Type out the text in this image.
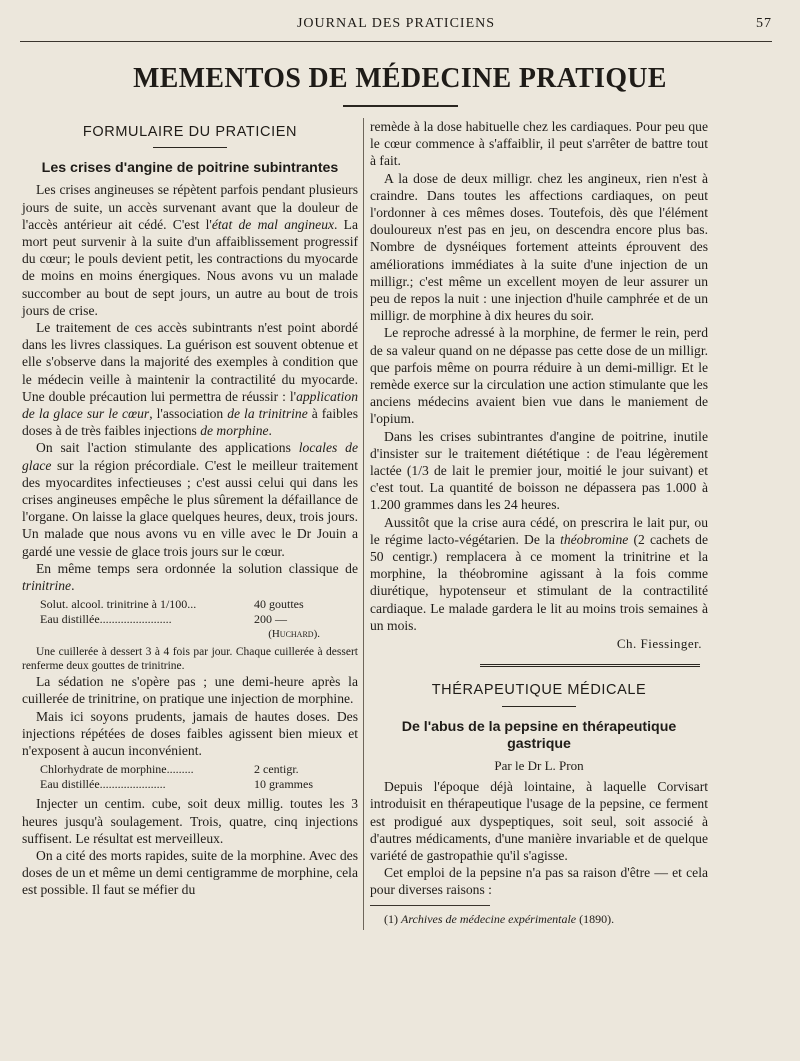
JOURNAL DES PRATICIENS	57
MEMENTOS DE MÉDECINE PRATIQUE
FORMULAIRE DU PRATICIEN
Les crises d'angine de poitrine subintrantes

Les crises angineuses se répètent parfois pendant plusieurs jours de suite, un accès survenant avant que la douleur de l'accès antérieur ait cédé. C'est l'état de mal angineux. La mort peut survenir à la suite d'un affaiblissement progressif du cœur; le pouls devient petit, les contractions du myocarde de moins en moins énergiques. Nous avons vu un malade succomber au bout de sept jours, un autre au bout de trois jours de crise.

Le traitement de ces accès subintrants n'est point abordé dans les livres classiques. La guérison est souvent obtenue et elle s'observe dans la majorité des exemples à condition que le médecin veille à maintenir la contractilité du myocarde. Une double précaution lui permettra de réussir : l'application de la glace sur le cœur, l'association de la trinitrine à faibles doses à de très faibles injections de morphine.

On sait l'action stimulante des applications locales de glace sur la région précordiale. C'est le meilleur traitement des myocardites infectieuses ; c'est aussi celui qui dans les crises angineuses empêche le plus sûrement la défaillance de l'organe. On laisse la glace quelques heures, deux, trois jours. Un malade que nous avons vu en ville avec le Dr Jouin a gardé une vessie de glace trois jours sur le cœur.

En même temps sera ordonnée la solution classique de trinitrine.

Solut. alcool. trinitrine à 1/100...	40 gouttes
Eau distillée........................	200 —
(Huchard).

Une cuillerée à dessert 3 à 4 fois par jour. Chaque cuillerée à dessert renferme deux gouttes de trinitrine.

La sédation ne s'opère pas ; une demi-heure après la cuillerée de trinitrine, on pratique une injection de morphine.

Mais ici soyons prudents, jamais de hautes doses. Des injections répétées de doses faibles agissent bien mieux et n'exposent à aucun inconvénient.

Chlorhydrate de morphine.........	2 centigr.
Eau distillée......................	10 grammes

Injecter un centim. cube, soit deux millig. toutes les 3 heures jusqu'à soulagement. Trois, quatre, cinq injections suffisent. Le résultat est merveilleux.

On a cité des morts rapides, suite de la morphine. Avec des doses de un et même un demi centigramme de morphine, cela est possible. Il faut se méfier du

remède à la dose habituelle chez les cardiaques. Pour peu que le cœur commence à s'affaiblir, il peut s'arrêter de battre tout à fait.

A la dose de deux milligr. chez les angineux, rien n'est à craindre. Dans toutes les affections cardiaques, on peut l'ordonner à ces mêmes doses. Toutefois, dès que l'élément douloureux n'est pas en jeu, on descendra encore plus bas. Nombre de dysnéiques fortement atteints éprouvent des améliorations immédiates à la suite d'une injection de un milligr.; c'est même un excellent moyen de leur assurer un peu de repos la nuit : une injection d'huile camphrée et de un milligr. de morphine à dix heures du soir.

Le reproche adressé à la morphine, de fermer le rein, perd de sa valeur quand on ne dépasse pas cette dose de un milligr. que parfois même on pourra réduire à un demi-milligr. Et le remède exerce sur la circulation une action stimulante que les anciens médecins avaient bien vue dans le maniement de l'opium.

Dans les crises subintrantes d'angine de poitrine, inutile d'insister sur le traitement diététique : de l'eau légèrement lactée (1/3 de lait le premier jour, moitié le jour suivant) et c'est tout. La quantité de boisson ne dépassera pas 1.000 à 1.200 grammes dans les 24 heures.

Aussitôt que la crise aura cédé, on prescrira le lait pur, ou le régime lacto-végétarien. De la théobromine (2 cachets de 50 centigr.) remplacera à ce moment la trinitrine et la morphine, la théobromine agissant à la fois comme diurétique, hypotenseur et stimulant de la contractilité cardiaque. Le malade gardera le lit au moins trois semaines à un mois.

Ch. Fiessinger.
THÉRAPEUTIQUE MÉDICALE
De l'abus de la pepsine en thérapeutique gastrique
Par le Dr L. Pron

Depuis l'époque déjà lointaine, à laquelle Corvisart introduisit en thérapeutique l'usage de la pepsine, ce ferment est prodigué aux dyspeptiques, soit seul, soit associé à d'autres médicaments, d'une manière invariable et de quelque variété de gastropathie qu'il s'agisse.

Cet emploi de la pepsine n'a pas sa raison d'être — et cela pour diverses raisons :

(1) Archives de médecine expérimentale (1890).
